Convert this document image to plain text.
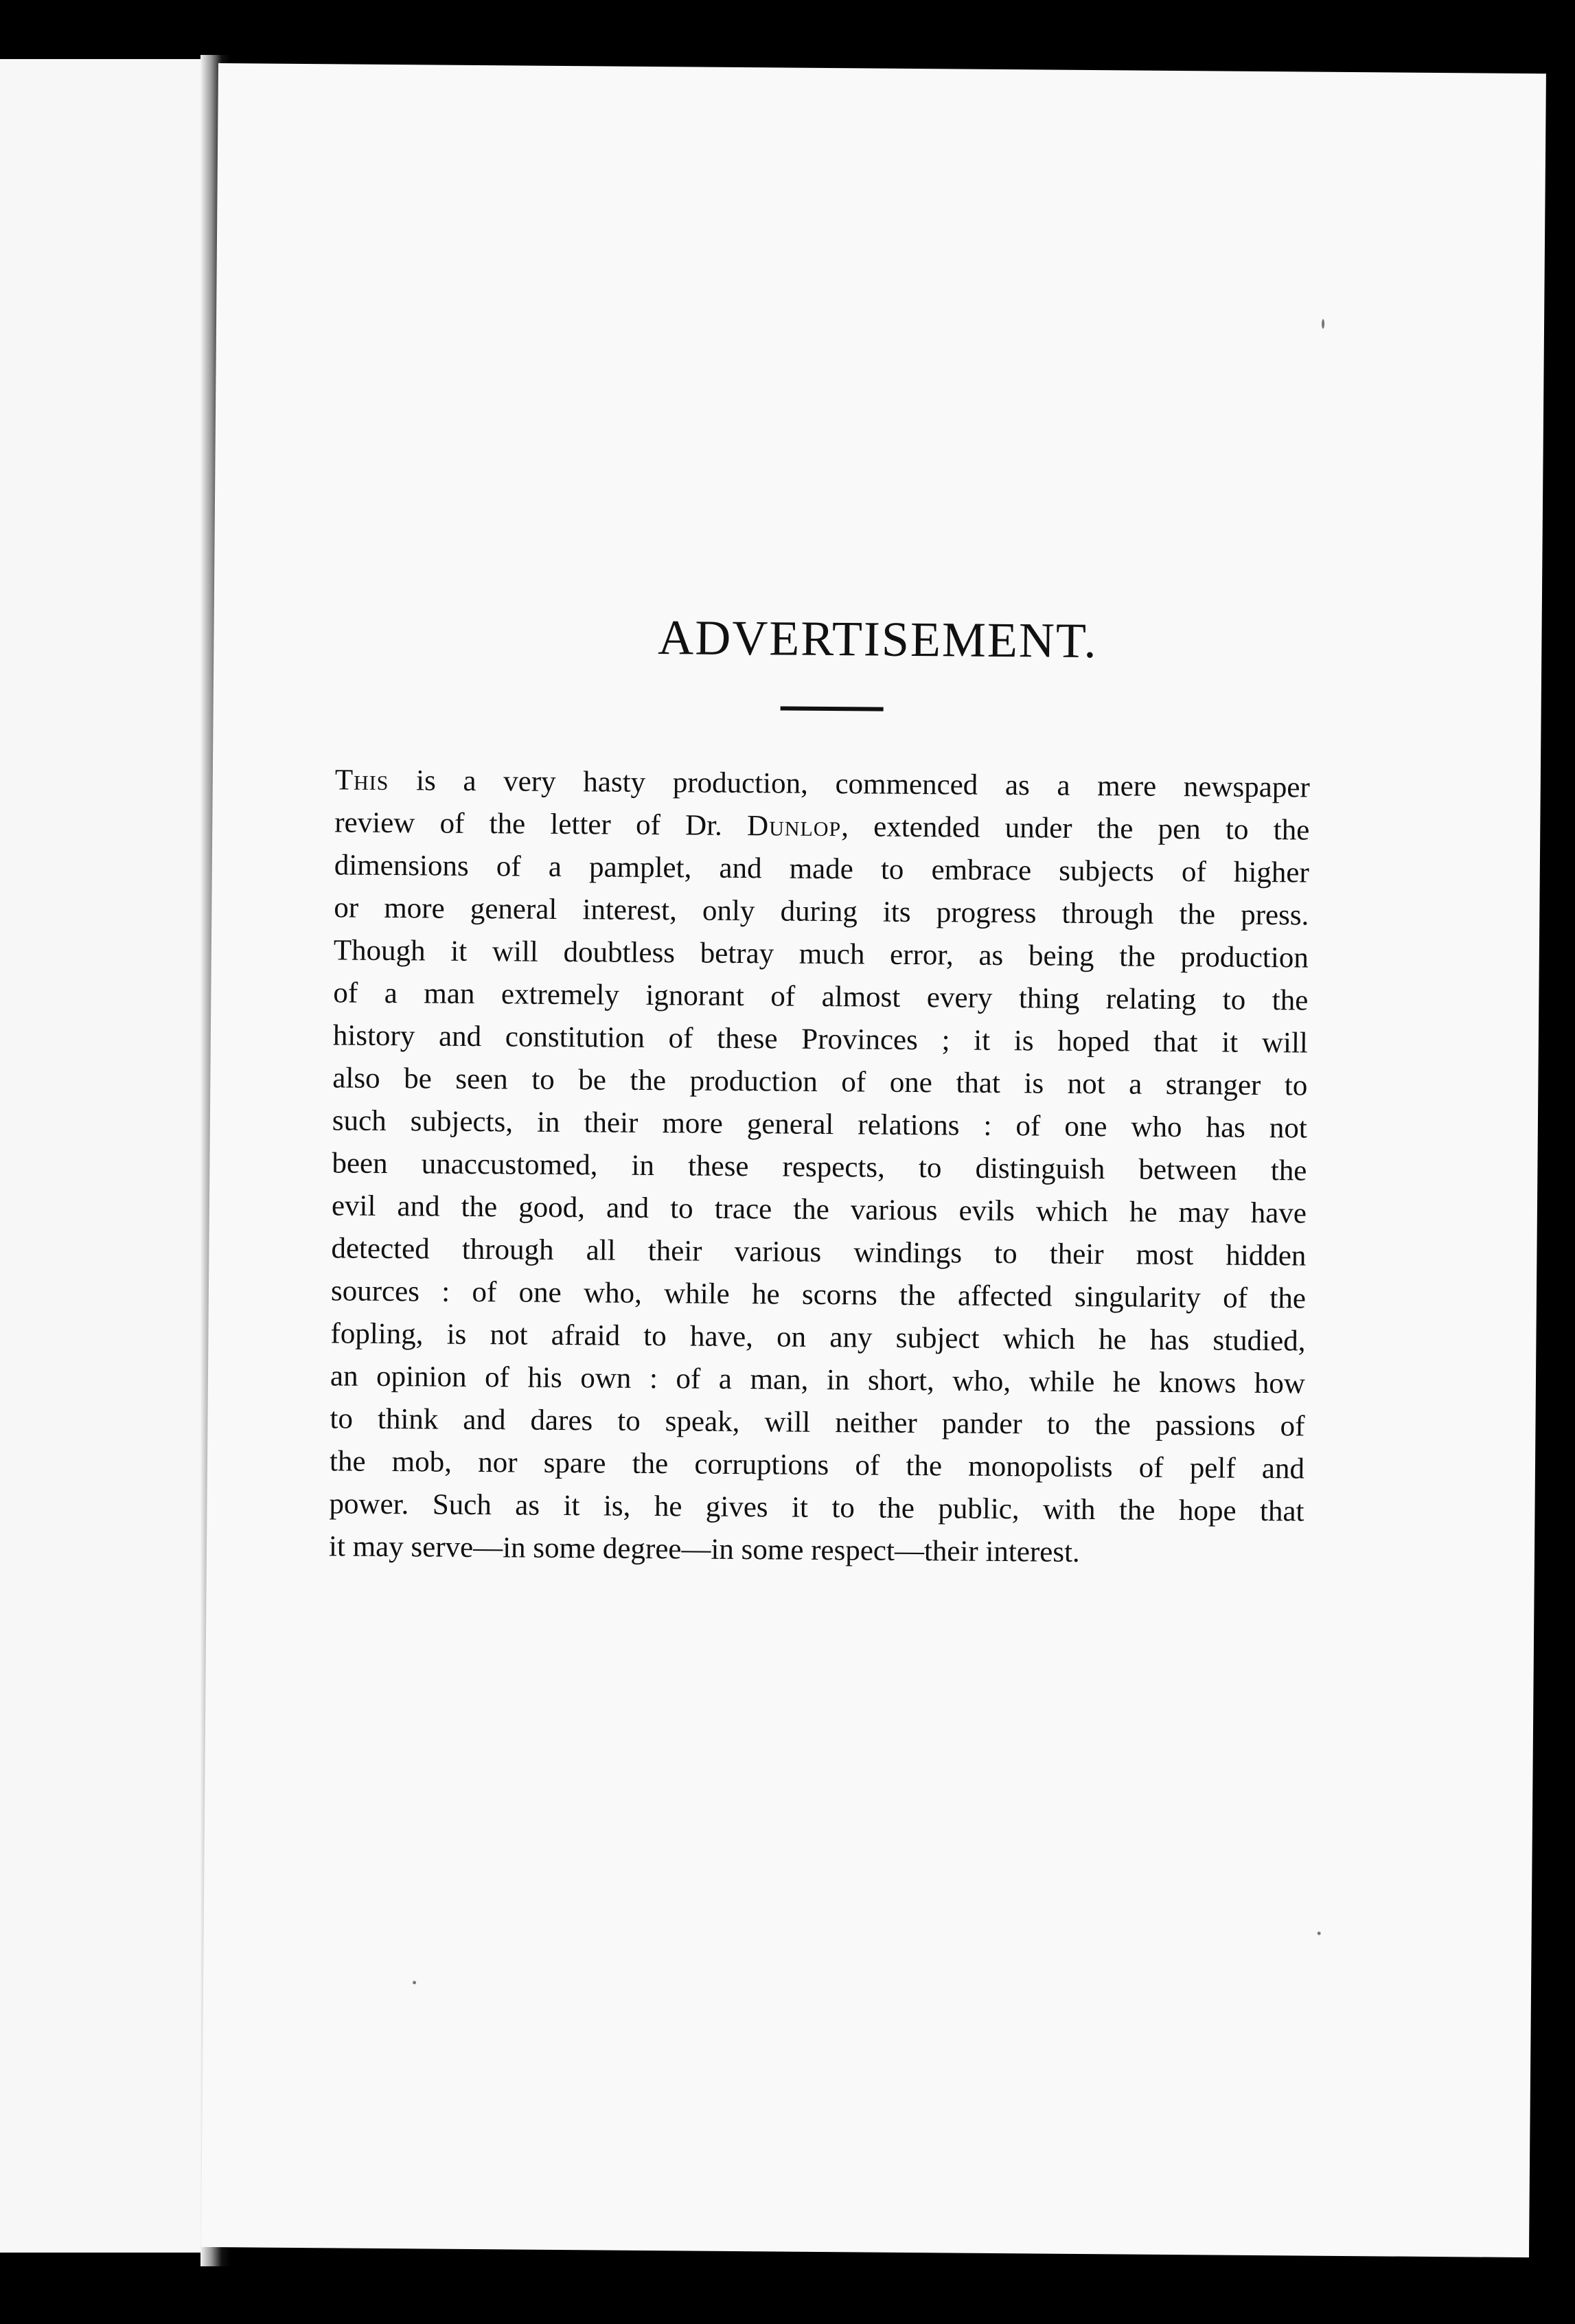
ADVERTISEMENT.
This is a very hasty production, commenced as a mere newspaper
review of the letter of Dr. Dunlop, extended under the pen to the
dimensions of a pamplet, and made to embrace subjects of higher
or more general interest, only during its progress through the press.
Though it will doubtless betray much error, as being the production
of a man extremely ignorant of almost every thing relating to the
history and constitution of these Provinces ; it is hoped that it will
also be seen to be the production of one that is not a stranger to
such subjects, in their more general relations : of one who has not
been unaccustomed, in these respects, to distinguish between the
evil and the good, and to trace the various evils which he may have
detected through all their various windings to their most hidden
sources : of one who, while he scorns the affected singularity of the
fopling, is not afraid to have, on any subject which he has studied,
an opinion of his own : of a man, in short, who, while he knows how
to think and dares to speak, will neither pander to the passions of
the mob, nor spare the corruptions of the monopolists of pelf and
power. Such as it is, he gives it to the public, with the hope that
it may serve—in some degree—in some respect—their interest.
